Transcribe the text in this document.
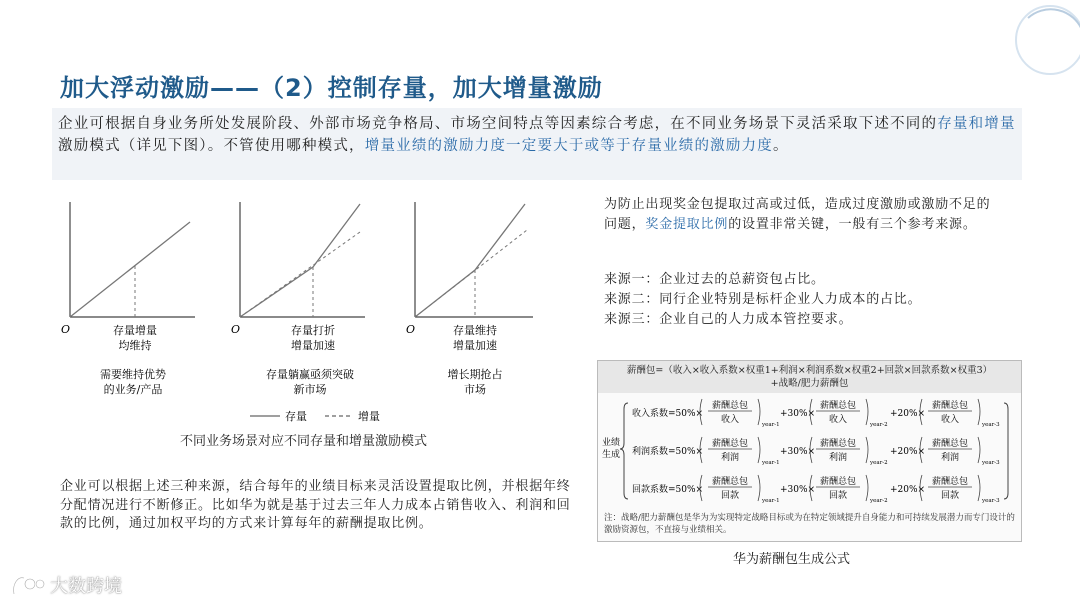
加大浮动激励——（2）控制存量，加大增量激励
企业可根据自身业务所处发展阶段、外部市场竞争格局、市场空间特点等因素综合考虑，在不同业务场景下灵活采取下述不同的存量和增量激励模式（详见下图）。不管使用哪种模式，增量业绩的激励力度一定要大于或等于存量业绩的激励力度。
O	存量增量
均维持
需要维持优势
的业务/产品
O	存量打折
增量加速
存量躺赢亟须突破
新市场
O	存量维持
增量加速
增长期抢占
市场
存量	增量
不同业务场景对应不同存量和增量激励模式
为防止出现奖金包提取过高或过低，造成过度激励或激励不足的问题，奖金提取比例的设置非常关键，一般有三个参考来源。

来源一：企业过去的总薪资包占比。

来源二：同行企业特别是标杆企业人力成本的占比。

来源三：企业自己的人力成本管控要求。

企业可以根据上述三种来源，结合每年的业绩目标来灵活设置提取比例，并根据年终分配情况进行不断修正。比如华为就是基于过去三年人力成本占销售收入、利润和回款的比例，通过加权平均的方式来计算每年的薪酬提取比例。
薪酬包=（收入×收入系数×权重1+利润×利润系数×权重2+回款×回款系数×权重3）
+战略/肥力薪酬包
业绩
生成
收入系数=50%×
薪酬总包
收入	year-1
+30%×
薪酬总包
收入	year-2
+20%×
薪酬总包
收入	year-3
利润系数=50%×
薪酬总包
利润	year-1
+30%×
薪酬总包
利润	year-2
+20%×
薪酬总包
利润	year-3
回款系数=50%×
薪酬总包
回款	year-1
+30%×
薪酬总包
回款	year-2
+20%×
薪酬总包
回款	year-3
注：战略/肥力薪酬包是华为为实现特定战略目标或为在特定领域提升自身能力和可持续发展潜力而专门设计的激励资源包，不直接与业绩相关。
华为薪酬包生成公式
大数跨境
